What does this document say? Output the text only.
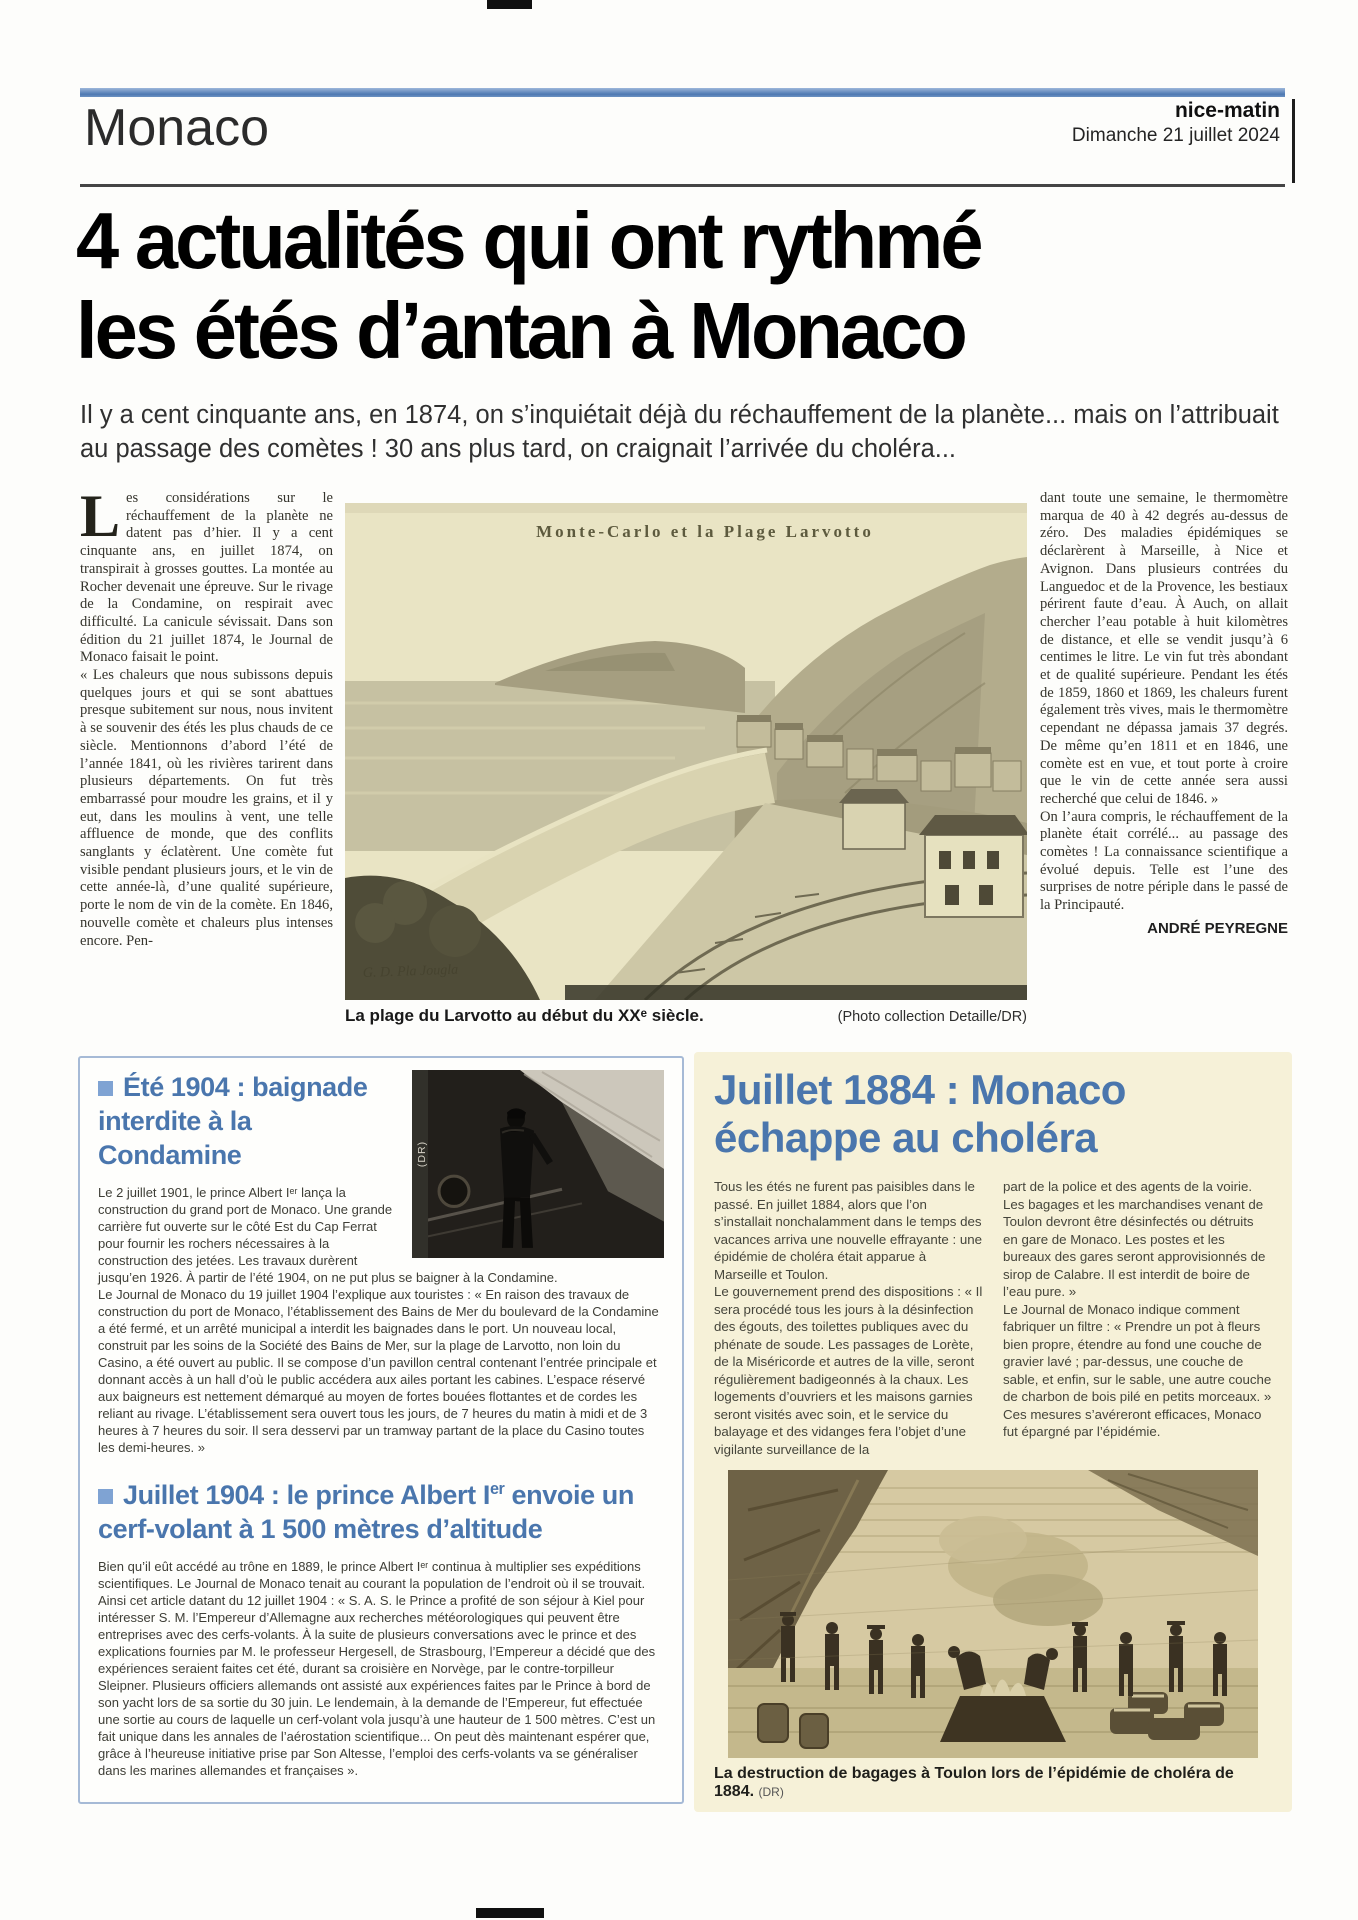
Monaco	nice-matin
Dimanche 21 juillet 2024
4 actualités qui ont rythmé
les étés d’antan à Monaco
Il y a cent cinquante ans, en 1874, on s’inquiétait déjà du réchauffement de la planète... mais on l’attribuait au passage des comètes ! 30 ans plus tard, on craignait l’arrivée du choléra...

Les considérations sur le réchauffement de la planète ne datent pas d’hier. Il y a cent cinquante ans, en juillet 1874, on transpirait à grosses gouttes. La montée au Rocher devenait une épreuve. Sur le rivage de la Condamine, on respirait avec difficulté. La canicule sévissait. Dans son édition du 21 juillet 1874, le Journal de Monaco faisait le point.

« Les chaleurs que nous subissons depuis quelques jours et qui se sont abattues presque subitement sur nous, nous invitent à se souvenir des étés les plus chauds de ce siècle. Mentionnons d’abord l’été de l’année 1841, où les rivières tarirent dans plusieurs départements. On fut très embarrassé pour moudre les grains, et il y eut, dans les moulins à vent, une telle affluence de monde, que des conflits sanglants y éclatèrent. Une comète fut visible pendant plusieurs jours, et le vin de cette année-là, d’une qualité supérieure, porte le nom de vin de la comète. En 1846, nouvelle comète et chaleurs plus intenses encore. Pen-

Monte-Carlo et la Plage Larvotto
G. D. Pla Jougla
La plage du Larvotto au début du XXᵉ siècle.	(Photo collection Detaille/DR)

dant toute une semaine, le thermomètre marqua de 40 à 42 degrés au-dessus de zéro. Des maladies épidémiques se déclarèrent à Marseille, à Nice et Avignon. Dans plusieurs contrées du Languedoc et de la Provence, les bestiaux périrent faute d’eau. À Auch, on allait chercher l’eau potable à huit kilomètres de distance, et elle se vendit jusqu’à 6 centimes le litre. Le vin fut très abondant et de qualité supérieure. Pendant les étés de 1859, 1860 et 1869, les chaleurs furent également très vives, mais le thermomètre cependant ne dépassa jamais 37 degrés. De même qu’en 1811 et en 1846, une comète est en vue, et tout porte à croire que le vin de cette année sera aussi recherché que celui de 1846. »

On l’aura compris, le réchauffement de la planète était corrélé... au passage des comètes ! La connaissance scientifique a évolué depuis. Telle est l’une des surprises de notre périple dans le passé de la Principauté.

ANDRÉ PEYREGNE
(DR)
Été 1904 : baignade interdite à la Condamine

Le 2 juillet 1901, le prince Albert Iᵉʳ lança la construction du grand port de Monaco. Une grande carrière fut ouverte sur le côté Est du Cap Ferrat pour fournir les rochers nécessaires à la construction des jetées. Les travaux durèrent jusqu’en 1926. À partir de l’été 1904, on ne put plus se baigner à la Condamine.

Le Journal de Monaco du 19 juillet 1904 l’explique aux touristes : « En raison des travaux de construction du port de Monaco, l’établissement des Bains de Mer du boulevard de la Condamine a été fermé, et un arrêté municipal a interdit les baignades dans le port. Un nouveau local, construit par les soins de la Société des Bains de Mer, sur la plage de Larvotto, non loin du Casino, a été ouvert au public. Il se compose d’un pavillon central contenant l’entrée principale et donnant accès à un hall d’où le public accédera aux ailes portant les cabines. L’espace réservé aux baigneurs est nettement démarqué au moyen de fortes bouées flottantes et de cordes les reliant au rivage. L’établissement sera ouvert tous les jours, de 7 heures du matin à midi et de 3 heures à 7 heures du soir. Il sera desservi par un tramway partant de la place du Casino toutes les demi-heures. »

Juillet 1904 : le prince Albert Ier envoie un cerf-volant à 1 500 mètres d’altitude

Bien qu’il eût accédé au trône en 1889, le prince Albert Iᵉʳ continua à multiplier ses expéditions scientifiques. Le Journal de Monaco tenait au courant la population de l’endroit où il se trouvait. Ainsi cet article datant du 12 juillet 1904 : « S. A. S. le Prince a profité de son séjour à Kiel pour intéresser S. M. l’Empereur d’Allemagne aux recherches météorologiques qui peuvent être entreprises avec des cerfs-volants. À la suite de plusieurs conversations avec le prince et des explications fournies par M. le professeur Hergesell, de Strasbourg, l’Empereur a décidé que des expériences seraient faites cet été, durant sa croisière en Norvège, par le contre-torpilleur Sleipner. Plusieurs officiers allemands ont assisté aux expériences faites par le Prince à bord de son yacht lors de sa sortie du 30 juin. Le lendemain, à la demande de l’Empereur, fut effectuée une sortie au cours de laquelle un cerf-volant vola jusqu’à une hauteur de 1 500 mètres. C’est un fait unique dans les annales de l’aérostation scientifique... On peut dès maintenant espérer que, grâce à l’heureuse initiative prise par Son Altesse, l’emploi des cerfs-volants va se généraliser dans les marines allemandes et françaises ».

Juillet 1884 : Monaco
échappe au choléra

Tous les étés ne furent pas paisibles dans le passé. En juillet 1884, alors que l’on s’installait nonchalamment dans le temps des vacances arriva une nouvelle effrayante : une épidémie de choléra était apparue à Marseille et Toulon.

Le gouvernement prend des dispositions : « Il sera procédé tous les jours à la désinfection des égouts, des toilettes publiques avec du phénate de soude. Les passages de Lorète, de la Miséricorde et autres de la ville, seront régulièrement badigeonnés à la chaux. Les logements d’ouvriers et les maisons garnies seront visités avec soin, et le service du balayage et des vidanges fera l’objet d’une vigilante surveillance de la

part de la police et des agents de la voirie. Les bagages et les marchandises venant de Toulon devront être désinfectés ou détruits en gare de Monaco. Les postes et les bureaux des gares seront approvisionnés de sirop de Calabre. Il est interdit de boire de l’eau pure. »

Le Journal de Monaco indique comment fabriquer un filtre : « Prendre un pot à fleurs bien propre, étendre au fond une couche de gravier lavé ; par-dessus, une couche de sable, et enfin, sur le sable, une autre couche de charbon de bois pilé en petits morceaux. »

Ces mesures s’avéreront efficaces, Monaco fut épargné par l’épidémie.

La destruction de bagages à Toulon lors de l’épidémie de choléra de 1884. (DR)
